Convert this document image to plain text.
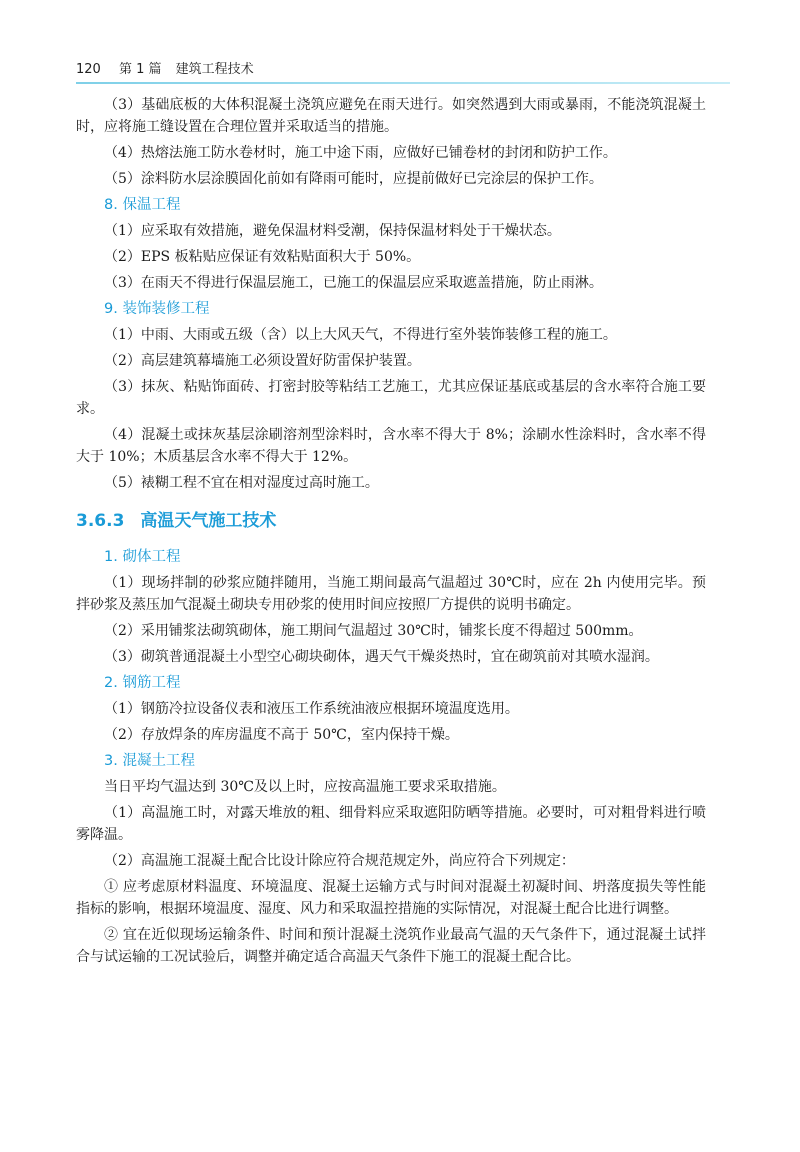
120 第 1 篇 建筑工程技术

（3）基础底板的大体积混凝土浇筑应避免在雨天进行。如突然遇到大雨或暴雨，不能浇筑混凝土时，应将施工缝设置在合理位置并采取适当的措施。

（4）热熔法施工防水卷材时，施工中途下雨，应做好已铺卷材的封闭和防护工作。

（5）涂料防水层涂膜固化前如有降雨可能时，应提前做好已完涂层的保护工作。

8. 保温工程

（1）应采取有效措施，避免保温材料受潮，保持保温材料处于干燥状态。

（2）EPS 板粘贴应保证有效粘贴面积大于 50%。

（3）在雨天不得进行保温层施工，已施工的保温层应采取遮盖措施，防止雨淋。

9. 装饰装修工程

（1）中雨、大雨或五级（含）以上大风天气，不得进行室外装饰装修工程的施工。

（2）高层建筑幕墙施工必须设置好防雷保护装置。

（3）抹灰、粘贴饰面砖、打密封胶等粘结工艺施工，尤其应保证基底或基层的含水率符合施工要求。

（4）混凝土或抹灰基层涂刷溶剂型涂料时，含水率不得大于 8%；涂刷水性涂料时，含水率不得大于 10%；木质基层含水率不得大于 12%。

（5）裱糊工程不宜在相对湿度过高时施工。

3.6.3 高温天气施工技术
1. 砌体工程

（1）现场拌制的砂浆应随拌随用，当施工期间最高气温超过 30℃时，应在 2h 内使用完毕。预拌砂浆及蒸压加气混凝土砌块专用砂浆的使用时间应按照厂方提供的说明书确定。

（2）采用铺浆法砌筑砌体，施工期间气温超过 30℃时，铺浆长度不得超过 500mm。

（3）砌筑普通混凝土小型空心砌块砌体，遇天气干燥炎热时，宜在砌筑前对其喷水湿润。

2. 钢筋工程

（1）钢筋冷拉设备仪表和液压工作系统油液应根据环境温度选用。

（2）存放焊条的库房温度不高于 50℃，室内保持干燥。

3. 混凝土工程

当日平均气温达到 30℃及以上时，应按高温施工要求采取措施。

（1）高温施工时，对露天堆放的粗、细骨料应采取遮阳防晒等措施。必要时，可对粗骨料进行喷雾降温。

（2）高温施工混凝土配合比设计除应符合规范规定外，尚应符合下列规定：

① 应考虑原材料温度、环境温度、混凝土运输方式与时间对混凝土初凝时间、坍落度损失等性能指标的影响，根据环境温度、湿度、风力和采取温控措施的实际情况，对混凝土配合比进行调整。

② 宜在近似现场运输条件、时间和预计混凝土浇筑作业最高气温的天气条件下，通过混凝土试拌合与试运输的工况试验后，调整并确定适合高温天气条件下施工的混凝土配合比。
